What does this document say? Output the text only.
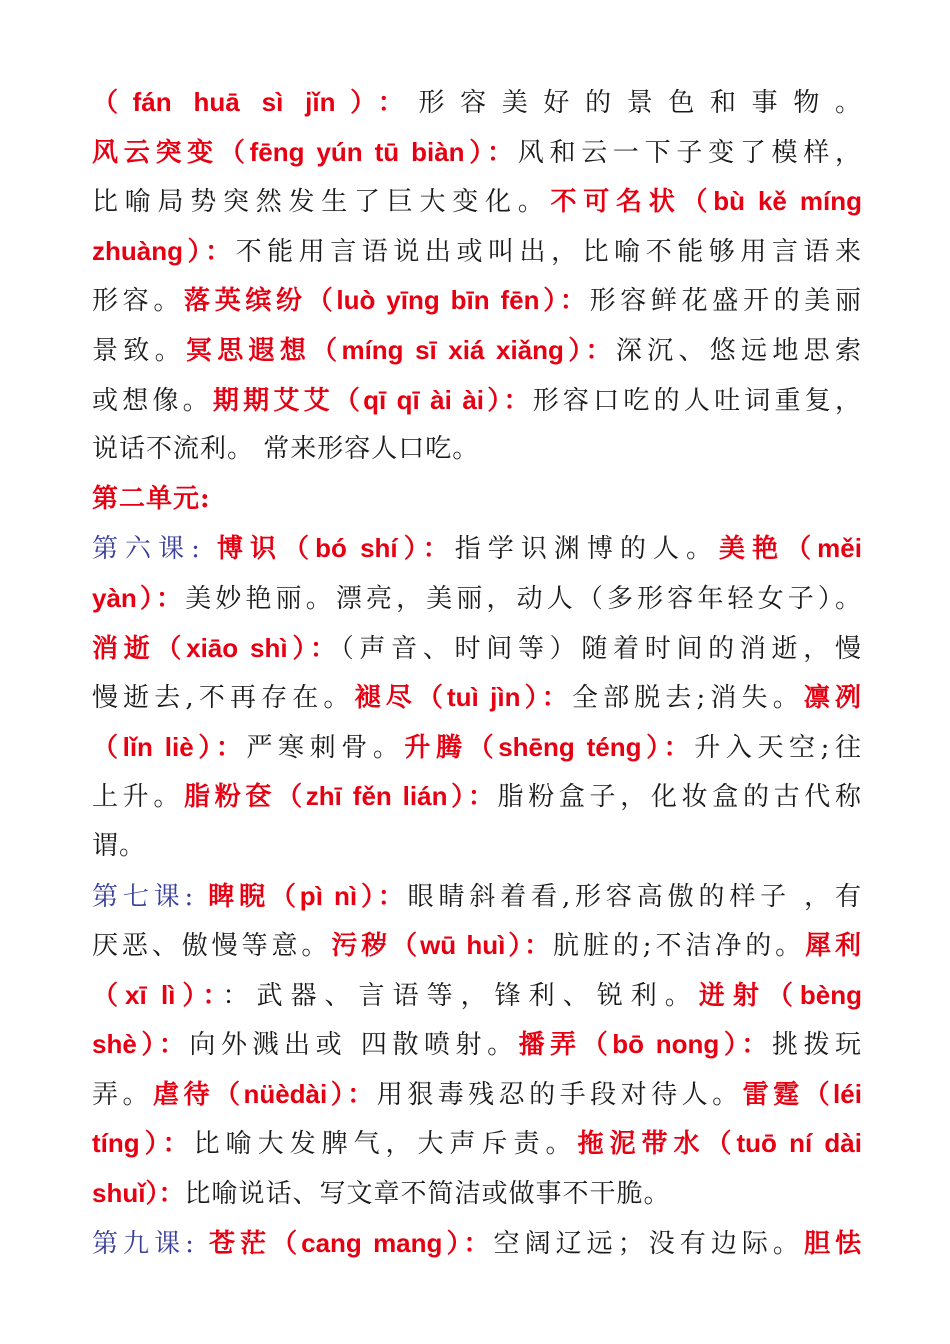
（fán huā sì jǐn）：形容美好的景色和事物。
风云突变（fēng yún tū biàn）：风和云一下子变了模样，
比喻局势突然发生了巨大变化。不可名状（bù kě míng
zhuàng）：不能用言语说出或叫出，比喻不能够用言语来
形容。落英缤纷（luò yīng bīn fēn）：形容鲜花盛开的美丽
景致。冥思遐想（míng sī xiá xiǎng）：深沉、悠远地思索
或想像。期期艾艾（qī qī ài ài）：形容口吃的人吐词重复，
说话不流利。 常来形容人口吃。
第二单元:
第六课: 博识（bó shí）：指学识渊博的人。美艳（měi
yàn）：美妙艳丽。漂亮，美丽，动人（多形容年轻女子）。
消逝（xiāo shì）：（声音、时间等）随着时间的消逝，慢
慢逝去,不再存在。褪尽（tuì jìn）：全部脱去;消失。凛冽
（lǐn liè）：严寒刺骨。升腾（shēng téng）：升入天空;往
上升。脂粉奁（zhī fěn lián）：脂粉盒子，化妆盒的古代称
谓。
第七课: 睥睨（pì nì）：眼睛斜着看,形容高傲的样子 ，有
厌恶、傲慢等意。污秽（wū huì）：肮脏的;不洁净的。犀利
（xī lì）：：武器、言语等，锋利、锐利。迸射（bèng
shè）：向外溅出或 四散喷射。播弄（bō nong）：挑拨玩
弄。虐待（nüèdài）：用狠毒残忍的手段对待人。雷霆（léi
tíng）：比喻大发脾气，大声斥责。拖泥带水（tuō ní dài
shuǐ）：比喻说话、写文章不简洁或做事不干脆。
第九课: 苍茫（cang mang）：空阔辽远；没有边际。胆怯
